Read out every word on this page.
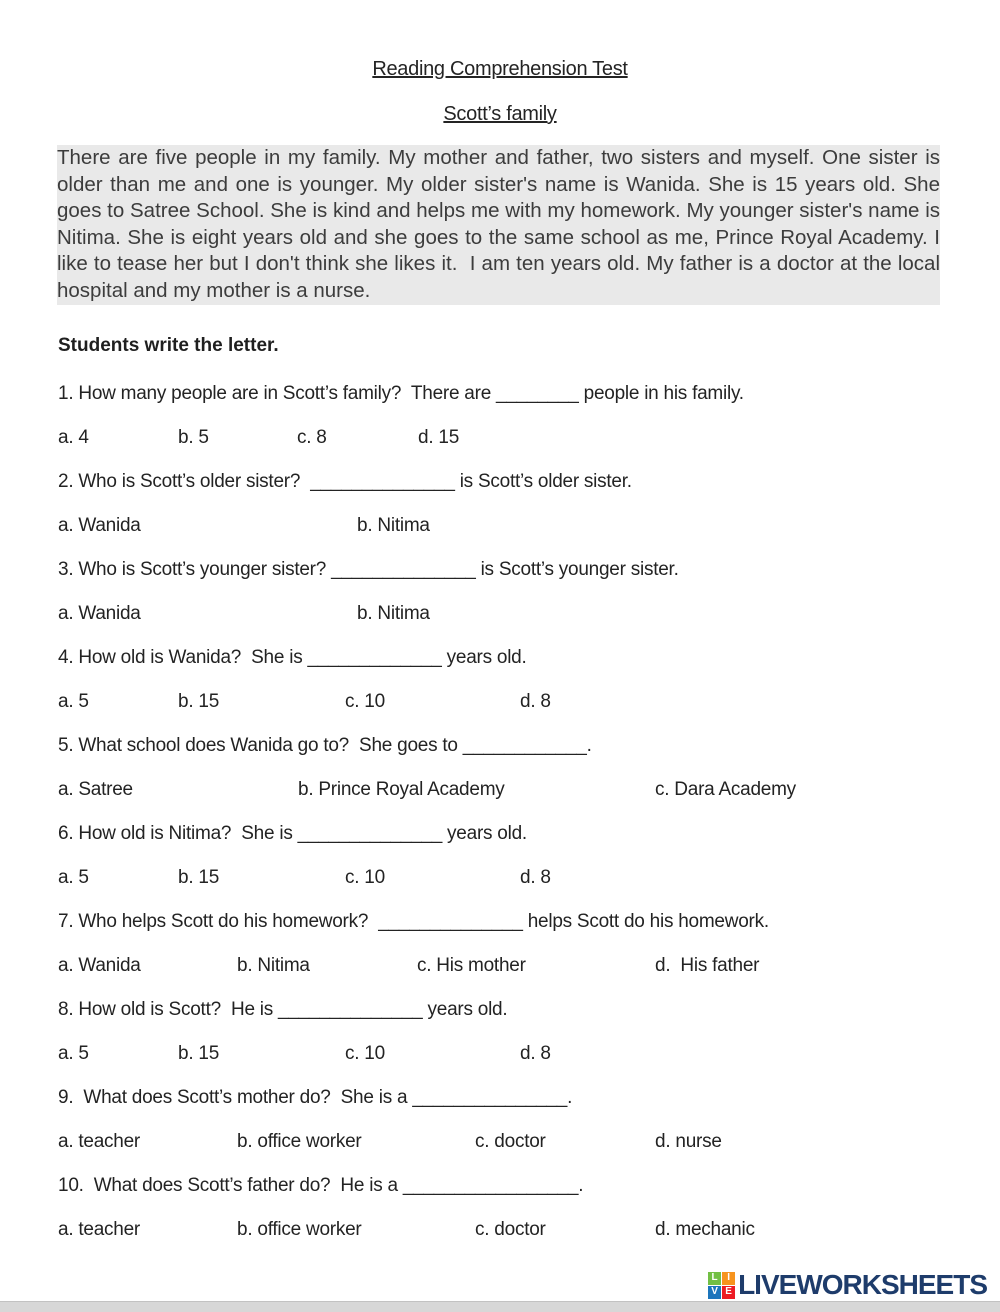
Reading Comprehension Test
Scott’s family
There are five people in my family. My mother and father, two sisters and myself. One sister is older than me and one is younger. My older sister's name is Wanida. She is 15 years old. She goes to Satree School. She is kind and helps me with my homework. My younger sister's name is Nitima. She is eight years old and she goes to the same school as me, Prince Royal Academy. I like to tease her but I don't think she likes it.  I am ten years old. My father is a doctor at the local hospital and my mother is a nurse.
Students write the letter.
1. How many people are in Scott’s family?  There are ________ people in his family.
a. 4	b. 5	c. 8	d. 15
2. Who is Scott’s older sister?  ______________ is Scott’s older sister.
a. Wanida	b. Nitima
3. Who is Scott’s younger sister? ______________ is Scott’s younger sister.
a. Wanida	b. Nitima
4. How old is Wanida?  She is _____________ years old.
a. 5	b. 15	c. 10	d. 8
5. What school does Wanida go to?  She goes to ____________.
a. Satree	b. Prince Royal Academy	c. Dara Academy
6. How old is Nitima?  She is ______________ years old.
a. 5	b. 15	c. 10	d. 8
7. Who helps Scott do his homework?  ______________ helps Scott do his homework.
a. Wanida	b. Nitima	c. His mother	d.  His father
8. How old is Scott?  He is ______________ years old.
a. 5	b. 15	c. 10	d. 8
9.  What does Scott’s mother do?  She is a _______________.
a. teacher	b. office worker	c. doctor	d. nurse
10.  What does Scott’s father do?  He is a _________________.
a. teacher	b. office worker	c. doctor	d. mechanic
L I
V E LIVEWORKSHEETS
